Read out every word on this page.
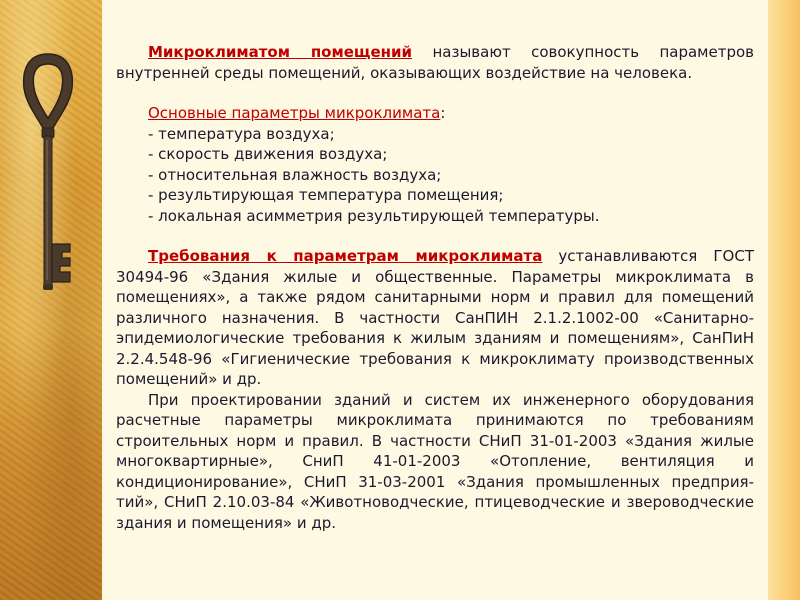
Микроклиматом помещений называют совокупность параметров внутренней среды помещений, оказывающих воздействие на человека.

Основные параметры микроклимата:

- температура воздуха;
- скорость движения воздуха;
- относительная влажность воздуха;
- результирующая температура помещения;
- локальная асимметрия результирующей температуры.

Требования к параметрам микроклимата устанавливаются ГОСТ 30494-96 «Здания жилые и общественные. Параметры микроклимата в помещениях», а также рядом санитарными норм и правил для помещений различного назначения. В частности СанПИН 2.1.2.1002-00 «Санитарно-эпидемиологические требования к жилым зданиям и помещениям», СанПиН 2.2.4.548-96 «Гигиенические требования к микроклимату производственных помещений» и др.

При проектировании зданий и систем их инженерного оборудования расчетные параметры микроклимата принимаются по требованиям строительных норм и правил. В частности СНиП 31-01-2003 «Здания жилые многоквартирные», СниП 41-01-2003 «Отопление, вентиляция и кондиционирование», СНиП 31-03-2001 «Здания промышленных предприя-тий», СНиП 2.10.03-84 «Животноводческие, птицеводческие и звероводческие здания и помещения» и др.
